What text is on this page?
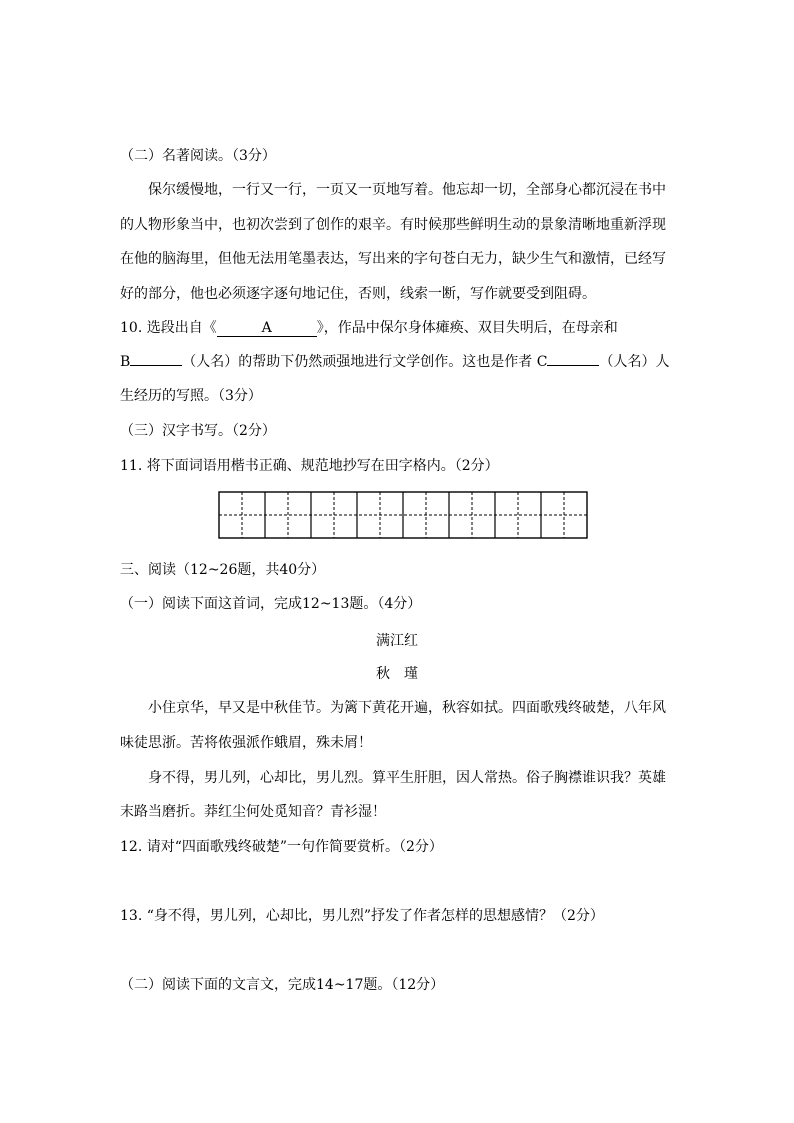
（二）名著阅读。（3分）
保尔缓慢地，一行又一行，一页又一页地写着。他忘却一切，全部身心都沉浸在书中
的人物形象当中，也初次尝到了创作的艰辛。有时候那些鲜明生动的景象清晰地重新浮现
在他的脑海里，但他无法用笔墨表达，写出来的字句苍白无力，缺少生气和激情，已经写
好的部分，他也必须逐字逐句地记住，否则，线索一断，写作就要受到阻碍。
10. 选段出自《	A	》，作品中保尔身体瘫痪、双目失明后，在母亲和
B	（人名）的帮助下仍然顽强地进行文学创作。这也是作者 C	（人名）人
生经历的写照。（3分）
（三）汉字书写。（2分）
11. 将下面词语用楷书正确、规范地抄写在田字格内。（2分）
三、阅读（12~26题，共40分）
（一）阅读下面这首词，完成12~13题。（4分）
满江红
秋　瑾
小住京华，早又是中秋佳节。为篱下黄花开遍，秋容如拭。四面歌残终破楚，八年风
味徒思浙。苦将侬强派作蛾眉，殊未屑！
身不得，男儿列，心却比，男儿烈。算平生肝胆，因人常热。俗子胸襟谁识我？英雄
末路当磨折。莽红尘何处觅知音？青衫湿！
12. 请对“四面歌残终破楚”一句作简要赏析。（2分）
13. “身不得，男儿列，心却比，男儿烈”抒发了作者怎样的思想感情？（2分）
（二）阅读下面的文言文，完成14~17题。（12分）
